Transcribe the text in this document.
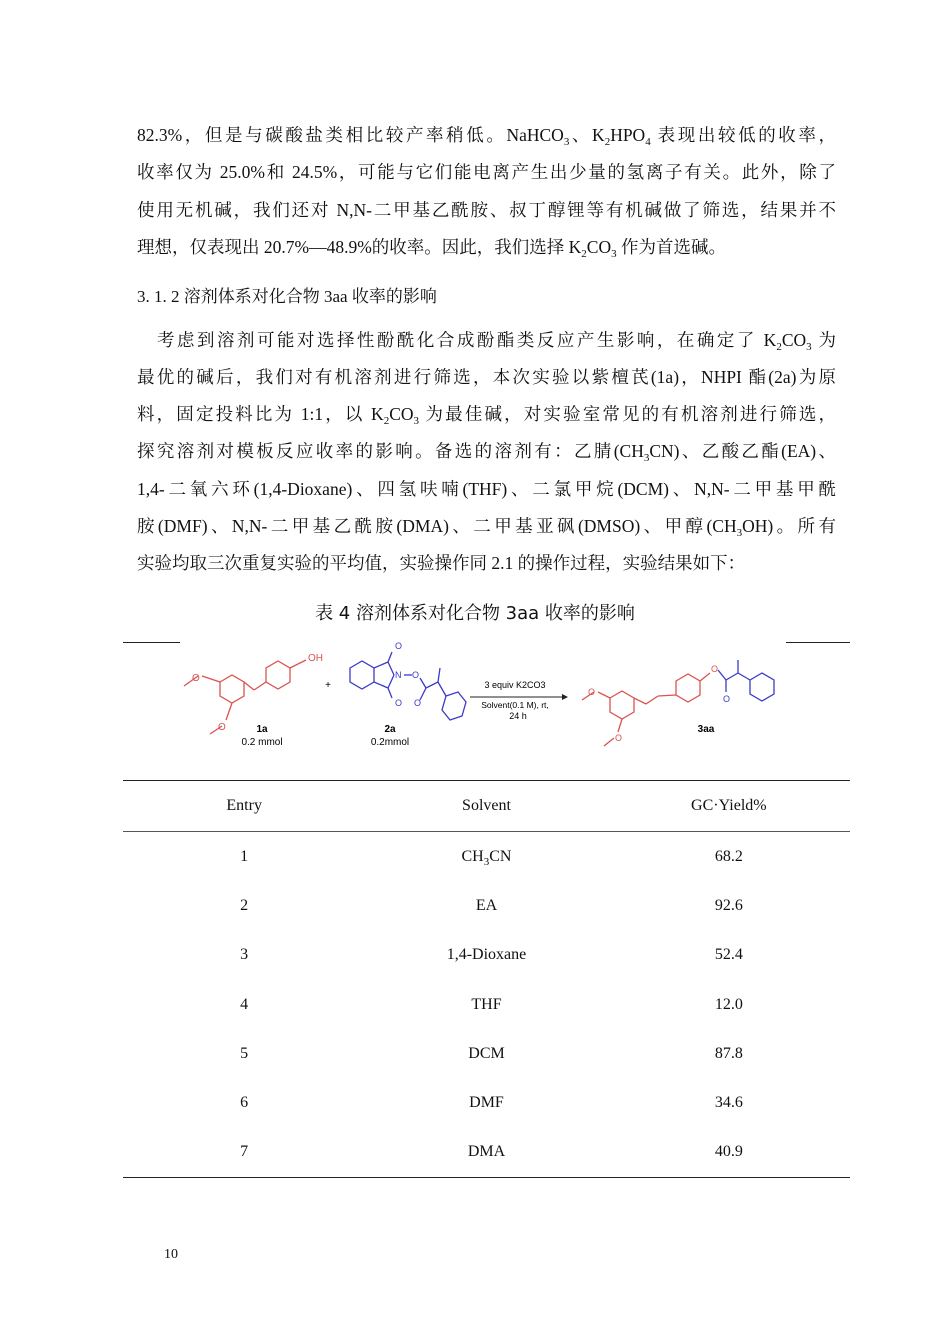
82.3%，但是与碳酸盐类相比较产率稍低。NaHCO$_3$、$K_2HPO_4$ 表现出较低的收率，
收率仅为 25.0%和 24.5%，可能与它们能电离产生出少量的氢离子有关。此外，除了
使用无机碱，我们还对 N,N-二甲基乙酰胺、叔丁醇锂等有机碱做了筛选，结果并不
理想，仅表现出 20.7%—48.9%的收率。因此，我们选择 $K_2CO_3$ 作为首选碱。
3. 1. 2 溶剂体系对化合物 3aa 收率的影响
　考虑到溶剂可能对选择性酚酰化合成酚酯类反应产生影响，在确定了 $K_2CO_3$ 为
最优的碱后，我们对有机溶剂进行筛选，本次实验以紫檀芪(1a)，NHPI 酯(2a)为原
料，固定投料比为 1:1，以 $K_2CO_3$ 为最佳碱，对实验室常见的有机溶剂进行筛选，
探究溶剂对模板反应收率的影响。备选的溶剂有：乙腈$(CH_3CN)$、乙酸乙酯(EA)、
1,4-二氧六环(1,4-Dioxane)、四氢呋喃(THF)、二氯甲烷(DCM)、N,N-二甲基甲酰
胺(DMF)、N,N-二甲基乙酰胺(DMA)、二甲基亚砜(DMSO)、甲醇$(CH_3OH)$。所有
实验均取三次重复实验的平均值，实验操作同 2.1 的操作过程，实验结果如下：
表 4 溶剂体系对化合物 3aa 收率的影响
OH
O
O	1a
0.2 mmol
+
O
O
N O
O
2a
0.2mmol
3 equiv K2CO3
Solvent(0.1 M), rt,
24 h
O
O
O
O
3aa
Entry	Solvent	GC·Yield%
1	$CH_3CN$	68.2
2	EA	92.6
3	1,4-Dioxane	52.4
4	THF	12.0
5	DCM	87.8
6	DMF	34.6
7	DMA	40.9
10
